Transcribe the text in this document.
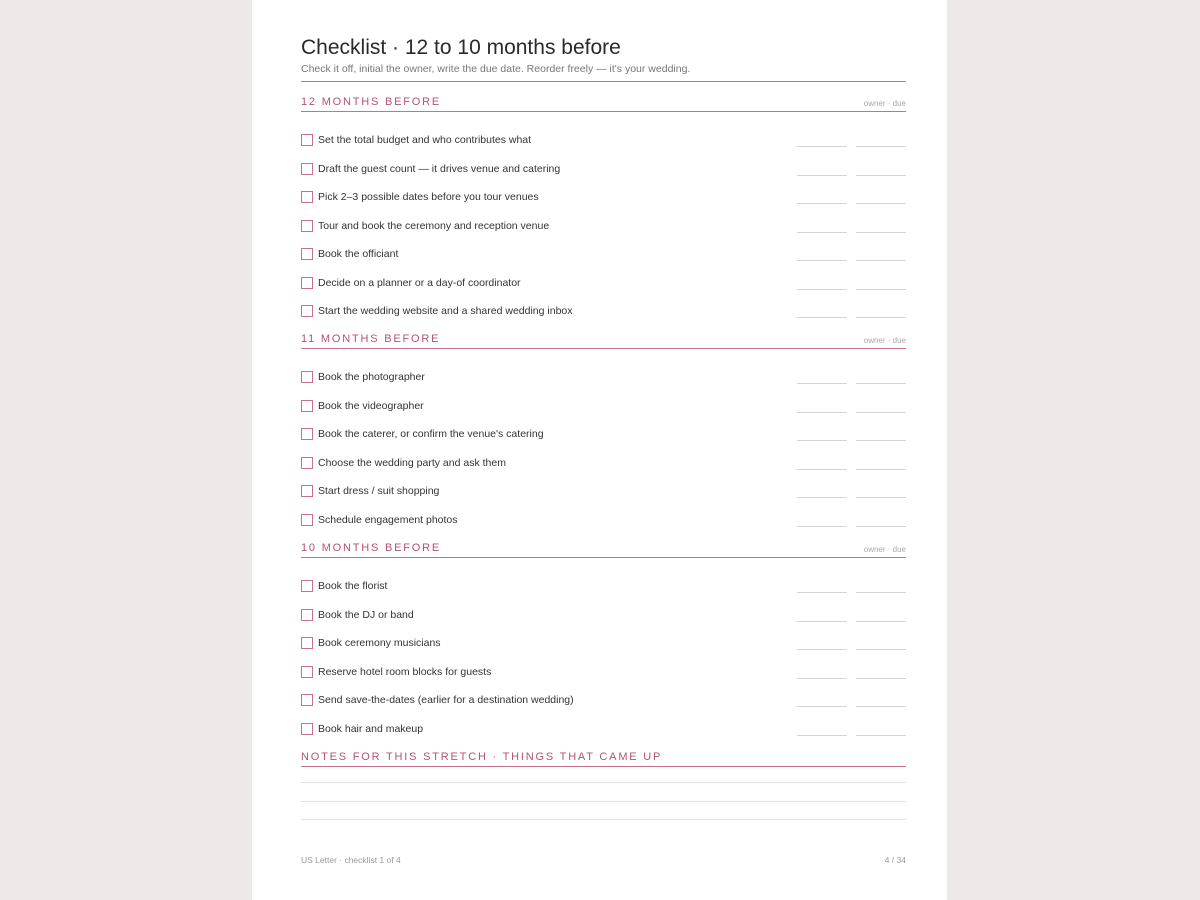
Checklist · 12 to 10 months before

Check it off, initial the owner, write the due date. Reorder freely — it's your wedding.

12 MONTHS BEFORE	owner · due
Set the total budget and who contributes what
Draft the guest count — it drives venue and catering
Pick 2–3 possible dates before you tour venues
Tour and book the ceremony and reception venue
Book the officiant
Decide on a planner or a day-of coordinator
Start the wedding website and a shared wedding inbox
11 MONTHS BEFORE	owner · due
Book the photographer
Book the videographer
Book the caterer, or confirm the venue's catering
Choose the wedding party and ask them
Start dress / suit shopping
Schedule engagement photos
10 MONTHS BEFORE	owner · due
Book the florist
Book the DJ or band
Book ceremony musicians
Reserve hotel room blocks for guests
Send save-the-dates (earlier for a destination wedding)
Book hair and makeup
NOTES FOR THIS STRETCH · THINGS THAT CAME UP
US Letter · checklist 1 of 4	4 / 34
